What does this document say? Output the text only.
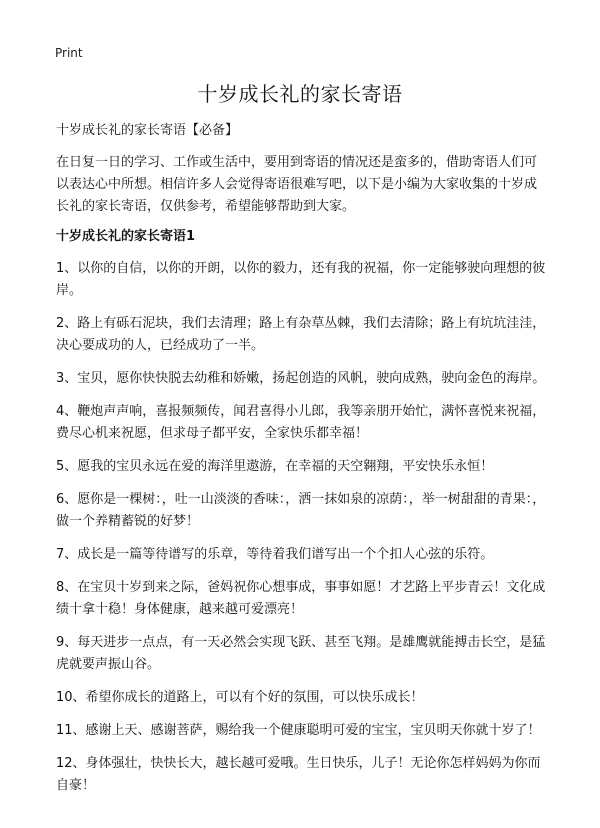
Print
十岁成长礼的家长寄语

十岁成长礼的家长寄语【必备】

在日复一日的学习、工作或生活中，要用到寄语的情况还是蛮多的，借助寄语人们可以表达心中所想。相信许多人会觉得寄语很难写吧，以下是小编为大家收集的十岁成长礼的家长寄语，仅供参考，希望能够帮助到大家。

十岁成长礼的家长寄语1

1、以你的自信，以你的开朗，以你的毅力，还有我的祝福，你一定能够驶向理想的彼岸。

2、路上有砾石泥块，我们去清理；路上有杂草丛棘，我们去清除；路上有坑坑洼洼，决心要成功的人，已经成功了一半。

3、宝贝，愿你快快脱去幼稚和娇嫩，扬起创造的风帆，驶向成熟，驶向金色的海岸。

4、鞭炮声声响，喜报频频传，闻君喜得小儿郎，我等亲朋开始忙，满怀喜悦来祝福，费尽心机来祝愿，但求母子都平安，全家快乐都幸福！

5、愿我的宝贝永远在爱的海洋里遨游，在幸福的天空翱翔，平安快乐永恒！

6、愿你是一棵树：，吐一山淡淡的香味：，洒一抹如泉的凉荫：，举一树甜甜的青果：，做一个养精蓄锐的好梦！

7、成长是一篇等待谱写的乐章，等待着我们谱写出一个个扣人心弦的乐符。

8、在宝贝十岁到来之际，爸妈祝你心想事成，事事如愿！才艺路上平步青云！文化成绩十拿十稳！身体健康，越来越可爱漂亮！

9、每天进步一点点，有一天必然会实现飞跃、甚至飞翔。是雄鹰就能搏击长空，是猛虎就要声振山谷。

10、希望你成长的道路上，可以有个好的氛围，可以快乐成长！

11、感谢上天、感谢菩萨，赐给我一个健康聪明可爱的宝宝，宝贝明天你就十岁了！

12、身体强壮，快快长大，越长越可爱哦。生日快乐，儿子！无论你怎样妈妈为你而自豪！
